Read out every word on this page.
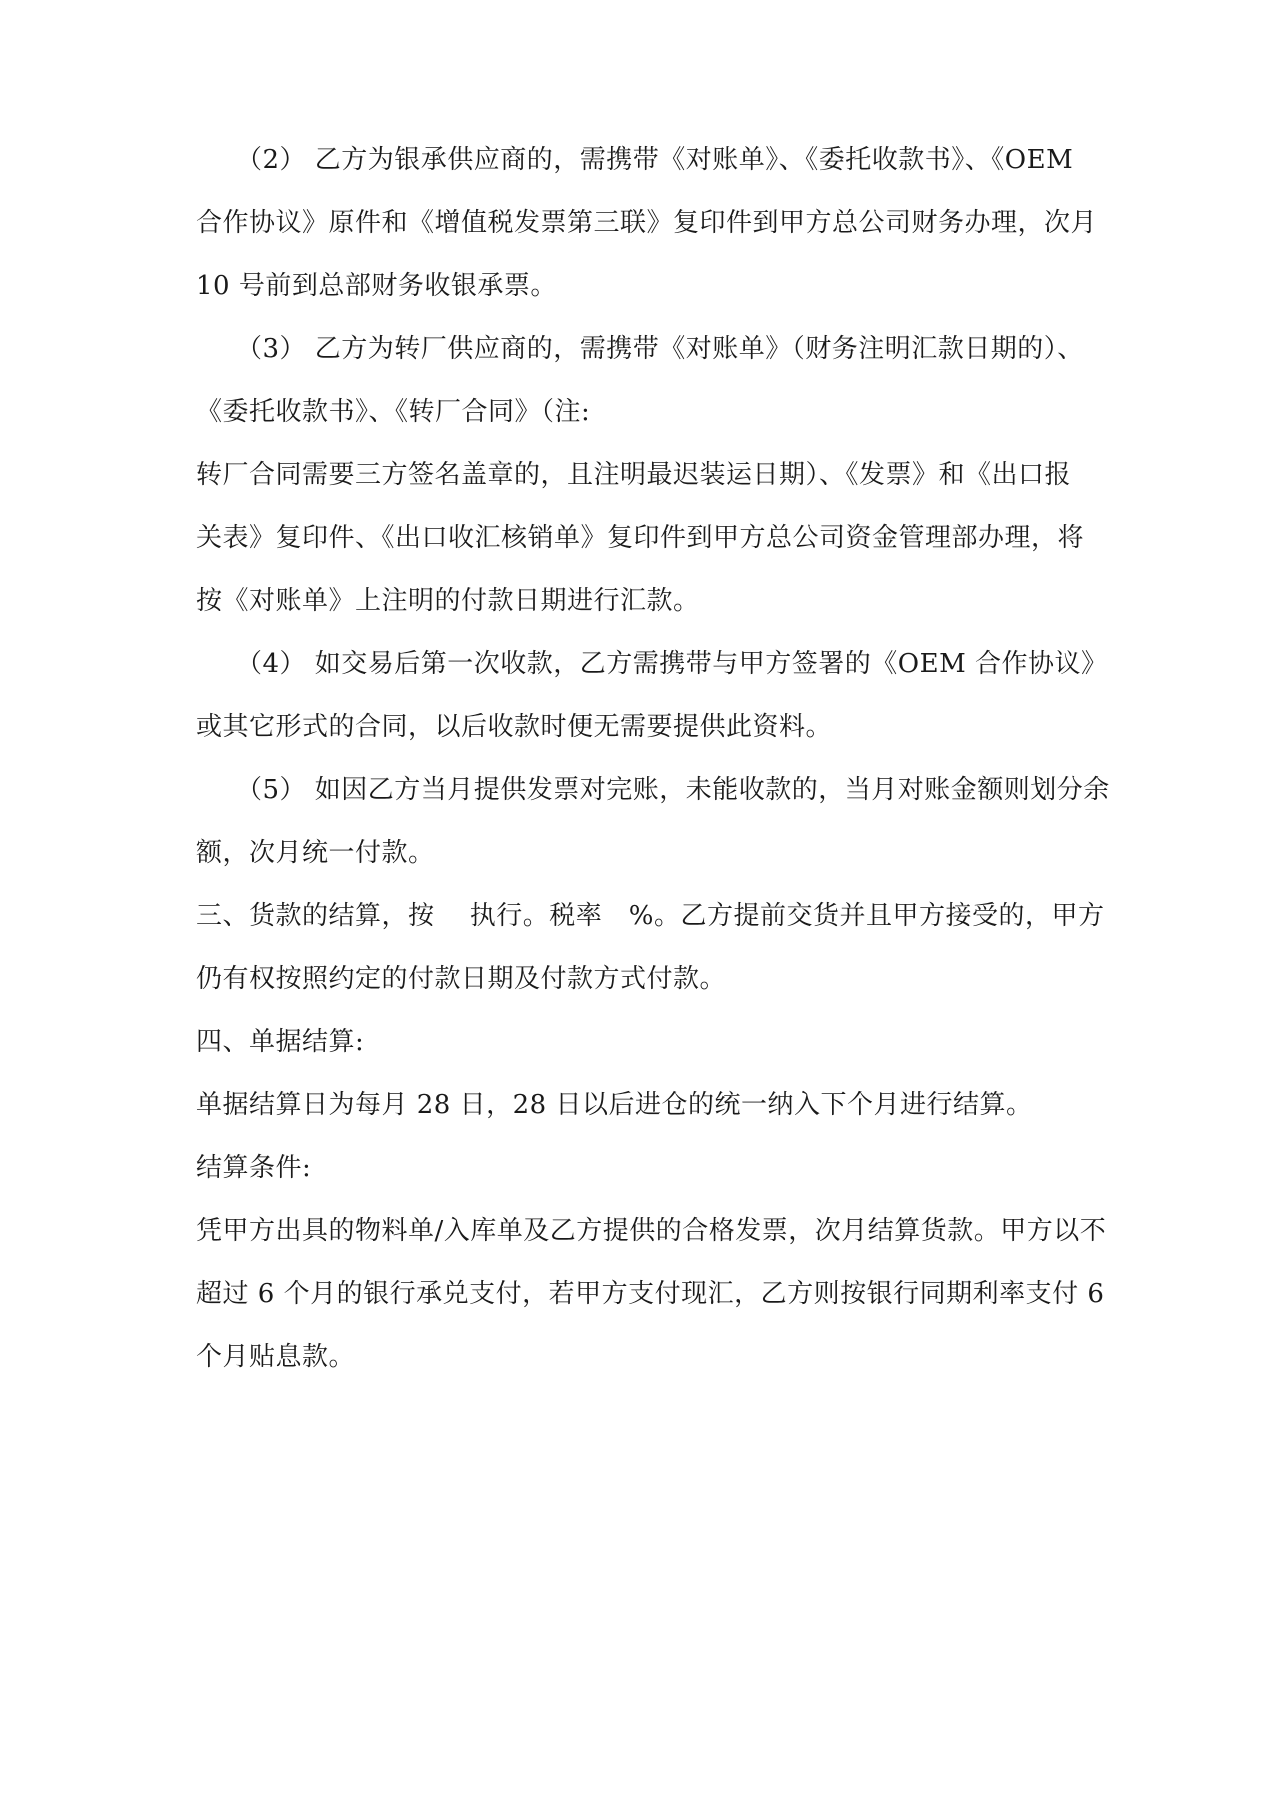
（2） 乙方为银承供应商的，需携带《对账单》、《委托收款书》、《OEM
合作协议》原件和《增值税发票第三联》复印件到甲方总公司财务办理，次月
10 号前到总部财务收银承票。
（3） 乙方为转厂供应商的，需携带《对账单》（财务注明汇款日期的）、
《委托收款书》、《转厂合同》（注:
转厂合同需要三方签名盖章的，且注明最迟装运日期）、《发票》和《出口报
关表》复印件、《出口收汇核销单》复印件到甲方总公司资金管理部办理，将
按《对账单》上注明的付款日期进行汇款。
（4） 如交易后第一次收款，乙方需携带与甲方签署的《OEM 合作协议》
或其它形式的合同，以后收款时便无需要提供此资料。
（5） 如因乙方当月提供发票对完账，未能收款的，当月对账金额则划分余
额，次月统一付款。
三、货款的结算，按　 执行。税率　%。乙方提前交货并且甲方接受的，甲方
仍有权按照约定的付款日期及付款方式付款。
四、单据结算:
单据结算日为每月 28 日，28 日以后进仓的统一纳入下个月进行结算。
结算条件:
凭甲方出具的物料单/入库单及乙方提供的合格发票，次月结算货款。甲方以不
超过 6 个月的银行承兑支付，若甲方支付现汇，乙方则按银行同期利率支付 6
个月贴息款。
